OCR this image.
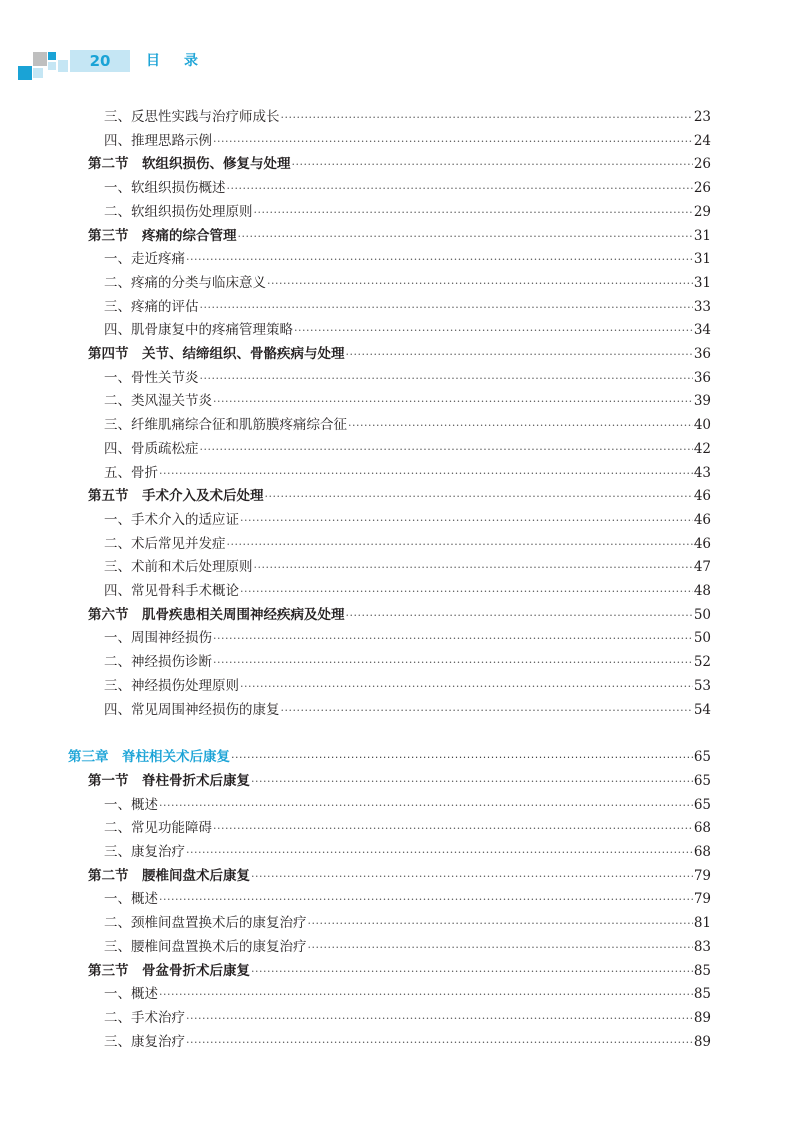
20	目录
三、反思性实践与治疗师成长 ·····	23
四、推理思路示例 ·····	24
第二节　软组织损伤、修复与处理 ·····	26
一、软组织损伤概述 ·····	26
二、软组织损伤处理原则 ·····	29
第三节　疼痛的综合管理 ·····	31
一、走近疼痛 ·····	31
二、疼痛的分类与临床意义 ·····	31
三、疼痛的评估 ·····	33
四、肌骨康复中的疼痛管理策略 ·····	34
第四节　关节、结缔组织、骨骼疾病与处理 ·····	36
一、骨性关节炎 ·····	36
二、类风湿关节炎 ·····	39
三、纤维肌痛综合征和肌筋膜疼痛综合征 ·····	40
四、骨质疏松症 ·····	42
五、骨折 ·····	43
第五节　手术介入及术后处理 ·····	46
一、手术介入的适应证 ·····	46
二、术后常见并发症 ·····	46
三、术前和术后处理原则 ·····	47
四、常见骨科手术概论 ·····	48
第六节　肌骨疾患相关周围神经疾病及处理 ·····	50
一、周围神经损伤 ·····	50
二、神经损伤诊断 ·····	52
三、神经损伤处理原则 ·····	53
四、常见周围神经损伤的康复 ·····	54
第三章　脊柱相关术后康复 ·····	65
第一节　脊柱骨折术后康复 ·····	65
一、概述 ·····	65
二、常见功能障碍 ·····	68
三、康复治疗 ·····	68
第二节　腰椎间盘术后康复 ·····	79
一、概述 ·····	79
二、颈椎间盘置换术后的康复治疗 ·····	81
三、腰椎间盘置换术后的康复治疗 ·····	83
第三节　骨盆骨折术后康复 ·····	85
一、概述 ·····	85
二、手术治疗 ·····	89
三、康复治疗 ·····	89
